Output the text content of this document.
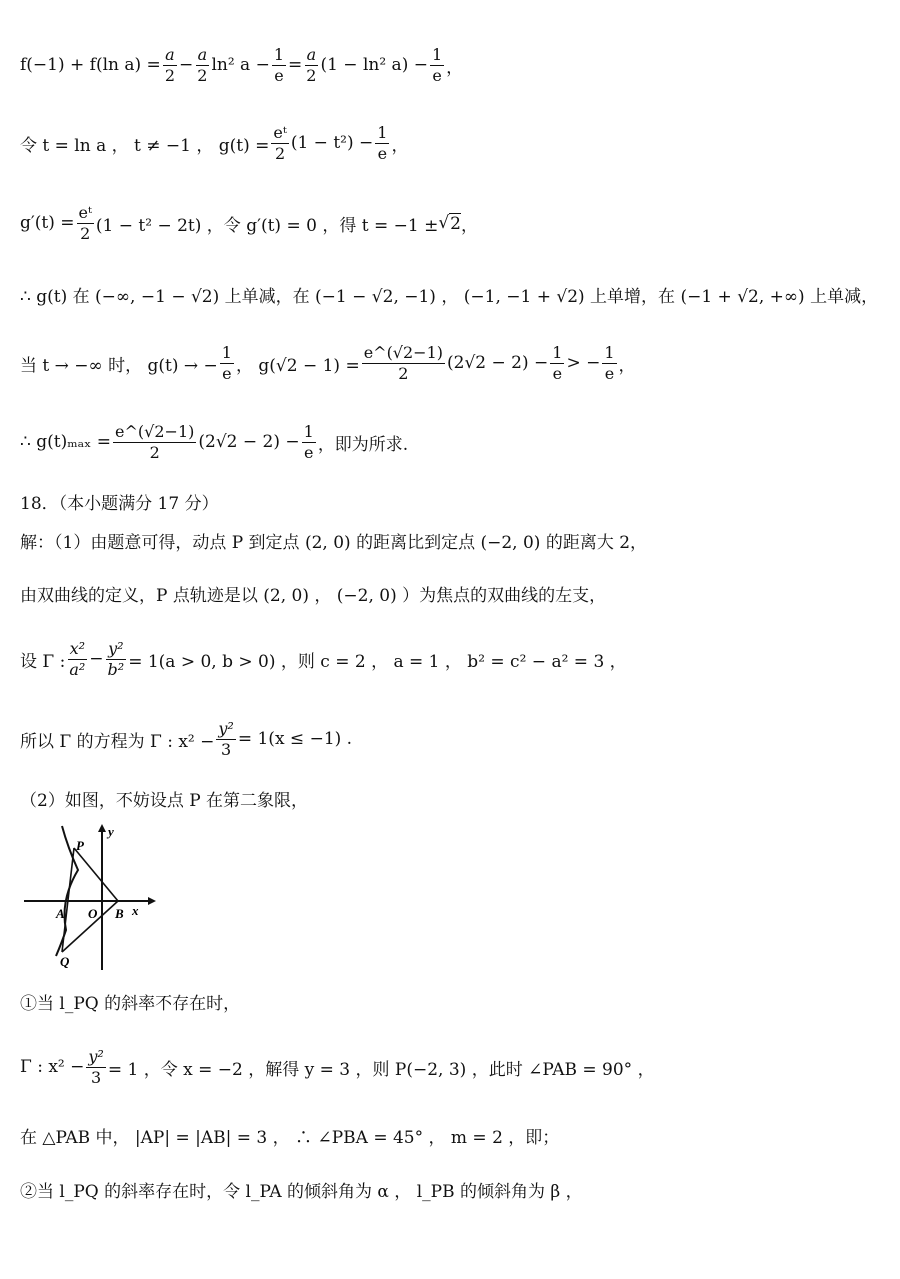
f(−1) + f(ln $a) = \frac{a}{2} - \frac{a}{2} \ln^2$ $a - \frac{1}{e} = \frac{a}{2} (1 - \ln^2$ $a) - \frac{1}{e}$ ，
令 t = ln a ， t ≠ −1 ， $g(t) = \frac{\text{eᵗ}}{2} (1 - t^2) - \frac{1}{e}$ ，
$g'(t) = \frac{\text{eᵗ}}{2} (1 - t^2 - 2t)$ ，令 g′(t) = 0 ，得 t = −1 ±
√ 2 ，
∴ g(t) 在 (−∞, −1 − √2) 上单减，在 (−1 − √2, −1) ， (−1, −1 + √2) 上单增，在 (−1 + √2, +∞) 上单减，
当 t → −∞ 时， g(t) → − $\frac{1}{e}$ ， $g(√2 - 1) = \frac{e\^{}(√2-1)}{2} (2√2 - 2) - \frac{1}{e}$ > − $\frac{1}{e}$ ，
∴ $g(t)_{max} = \frac{e\^{}(√2-1)}{2} (2√2 - 2) - \frac{1}{e}$ ，即为所求.
18．（本小题满分 17 分）
解：（1）由题意可得，动点 P 到定点 (2, 0) 的距离比到定点 (−2, 0) 的距离大 2，
由双曲线的定义，P 点轨迹是以 (2, 0) ， (−2, 0) ）为焦点的双曲线的左支，
设 Γ : $\frac{\text{x²}}{\text{a²}} - \frac{\text{y²}}{\text{b²}} = 1(a > 0$, b > 0) ，则 c = 2 ， a = 1 ， b² = c² − a² = 3 ，
所以 Γ 的方程为 Γ : $x^2 - \frac{\text{y²}}{3} = 1(x \le -1)$ .
（2）如图，不妨设点 P 在第二象限，
y
P
A O B x
Q
①当 l_PQ 的斜率不存在时，
Γ : $x^2 - \frac{\text{y²}}{3} = 1$ ，令 x = −2 ，解得 y = 3 ，则 P(−2, 3) ，此时 ∠PAB = 90° ，
在 △PAB 中， |AP| = |AB| = 3 ， ∴ ∠PBA = 45° ， m = 2 ，即；
②当 l_PQ 的斜率存在时，令 l_PA 的倾斜角为 α ， l_PB 的倾斜角为 β ，
